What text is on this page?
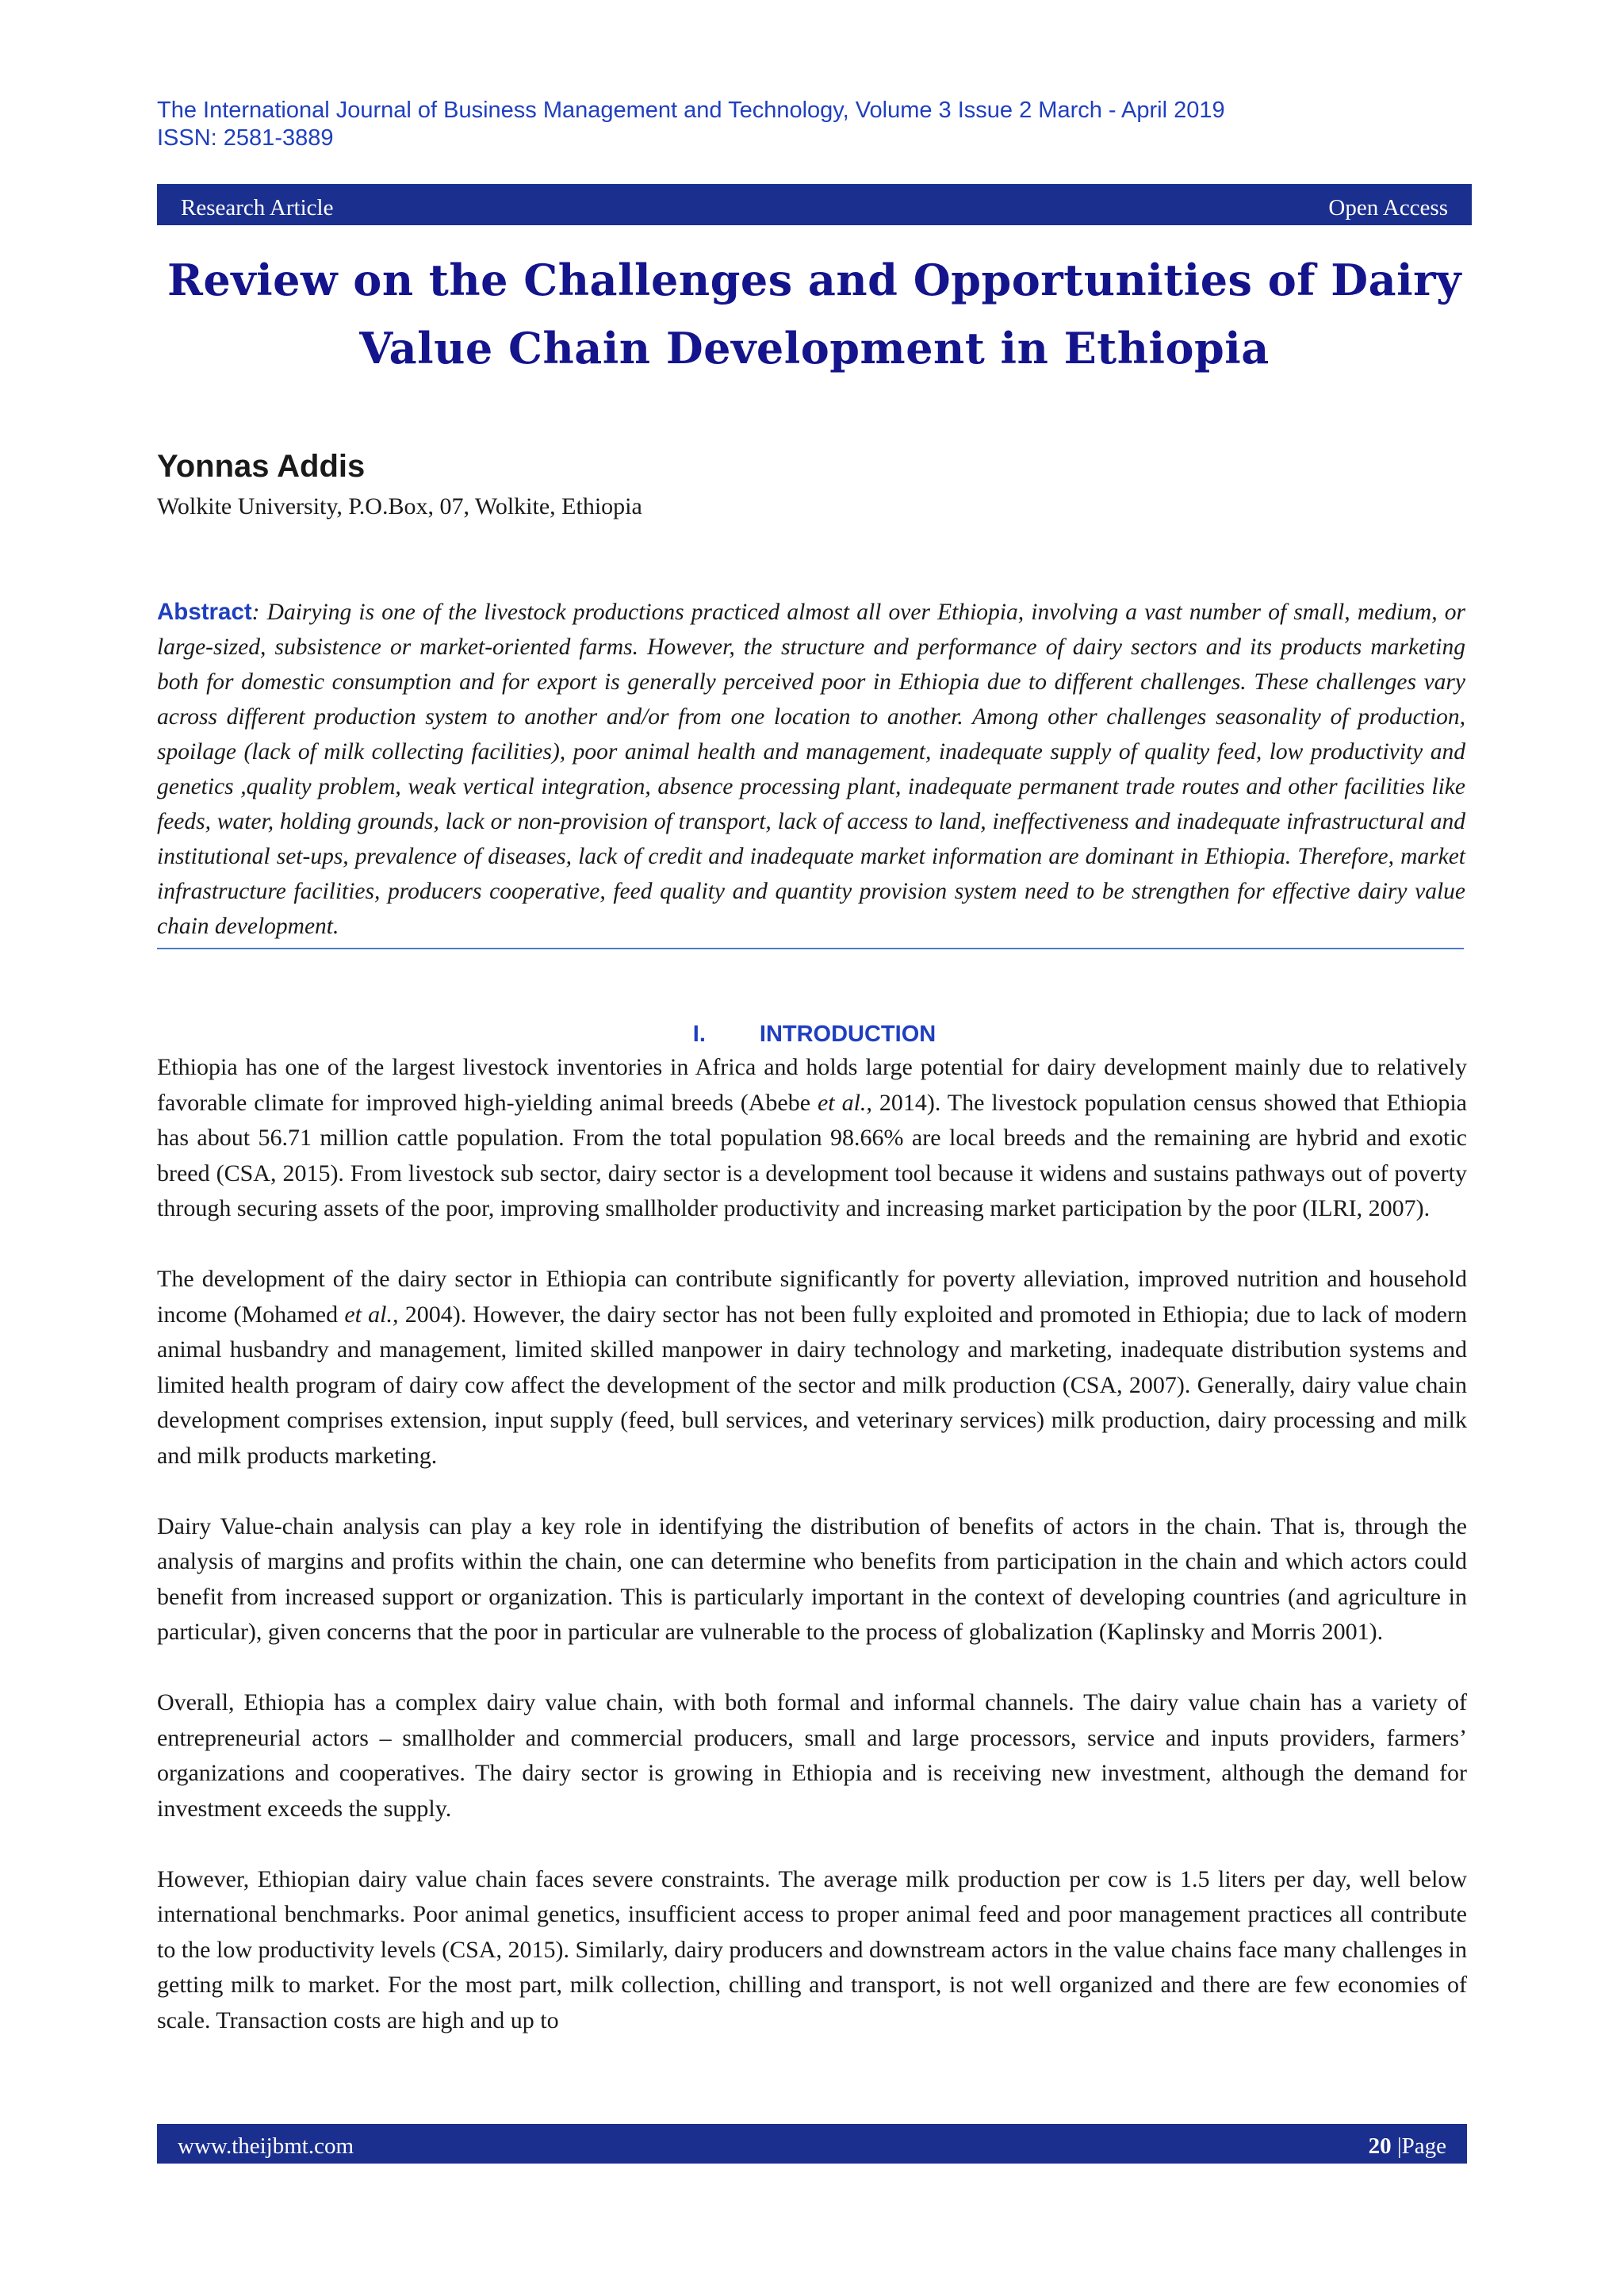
The International Journal of Business Management and Technology, Volume 3 Issue 2 March - April 2019
ISSN: 2581-3889
Research Article	Open Access
Review on the Challenges and Opportunities of Dairy
Value Chain Development in Ethiopia
Yonnas Addis
Wolkite University, P.O.Box, 07, Wolkite, Ethiopia
Abstract: Dairying is one of the livestock productions practiced almost all over Ethiopia, involving a vast number of small, medium, or large-sized, subsistence or market-oriented farms. However, the structure and performance of dairy sectors and its products marketing both for domestic consumption and for export is generally perceived poor in Ethiopia due to different challenges. These challenges vary across different production system to another and/or from one location to another. Among other challenges seasonality of production, spoilage (lack of milk collecting facilities), poor animal health and management, inadequate supply of quality feed, low productivity and genetics ,quality problem, weak vertical integration, absence processing plant, inadequate permanent trade routes and other facilities like feeds, water, holding grounds, lack or non-provision of transport, lack of access to land, ineffectiveness and inadequate infrastructural and institutional set-ups, prevalence of diseases, lack of credit and inadequate market information are dominant in Ethiopia. Therefore, market infrastructure facilities, producers cooperative, feed quality and quantity provision system need to be strengthen for effective dairy value chain development.
I. INTRODUCTION

Ethiopia has one of the largest livestock inventories in Africa and holds large potential for dairy development mainly due to relatively favorable climate for improved high-yielding animal breeds (Abebe et al., 2014). The livestock population census showed that Ethiopia has about 56.71 million cattle population. From the total population 98.66% are local breeds and the remaining are hybrid and exotic breed (CSA, 2015). From livestock sub sector, dairy sector is a development tool because it widens and sustains pathways out of poverty through securing assets of the poor, improving smallholder productivity and increasing market participation by the poor (ILRI, 2007).

The development of the dairy sector in Ethiopia can contribute significantly for poverty alleviation, improved nutrition and household income (Mohamed et al., 2004). However, the dairy sector has not been fully exploited and promoted in Ethiopia; due to lack of modern animal husbandry and management, limited skilled manpower in dairy technology and marketing, inadequate distribution systems and limited health program of dairy cow affect the development of the sector and milk production (CSA, 2007). Generally, dairy value chain development comprises extension, input supply (feed, bull services, and veterinary services) milk production, dairy processing and milk and milk products marketing.

Dairy Value-chain analysis can play a key role in identifying the distribution of benefits of actors in the chain. That is, through the analysis of margins and profits within the chain, one can determine who benefits from participation in the chain and which actors could benefit from increased support or organization. This is particularly important in the context of developing countries (and agriculture in particular), given concerns that the poor in particular are vulnerable to the process of globalization (Kaplinsky and Morris 2001).

Overall, Ethiopia has a complex dairy value chain, with both formal and informal channels. The dairy value chain has a variety of entrepreneurial actors – smallholder and commercial producers, small and large processors, service and inputs providers, farmers’ organizations and cooperatives. The dairy sector is growing in Ethiopia and is receiving new investment, although the demand for investment exceeds the supply.

However, Ethiopian dairy value chain faces severe constraints. The average milk production per cow is 1.5 liters per day, well below international benchmarks. Poor animal genetics, insufficient access to proper animal feed and poor management practices all contribute to the low productivity levels (CSA, 2015). Similarly, dairy producers and downstream actors in the value chains face many challenges in getting milk to market. For the most part, milk collection, chilling and transport, is not well organized and there are few economies of scale. Transaction costs are high and up to

www.theijbmt.com	20 |Page
